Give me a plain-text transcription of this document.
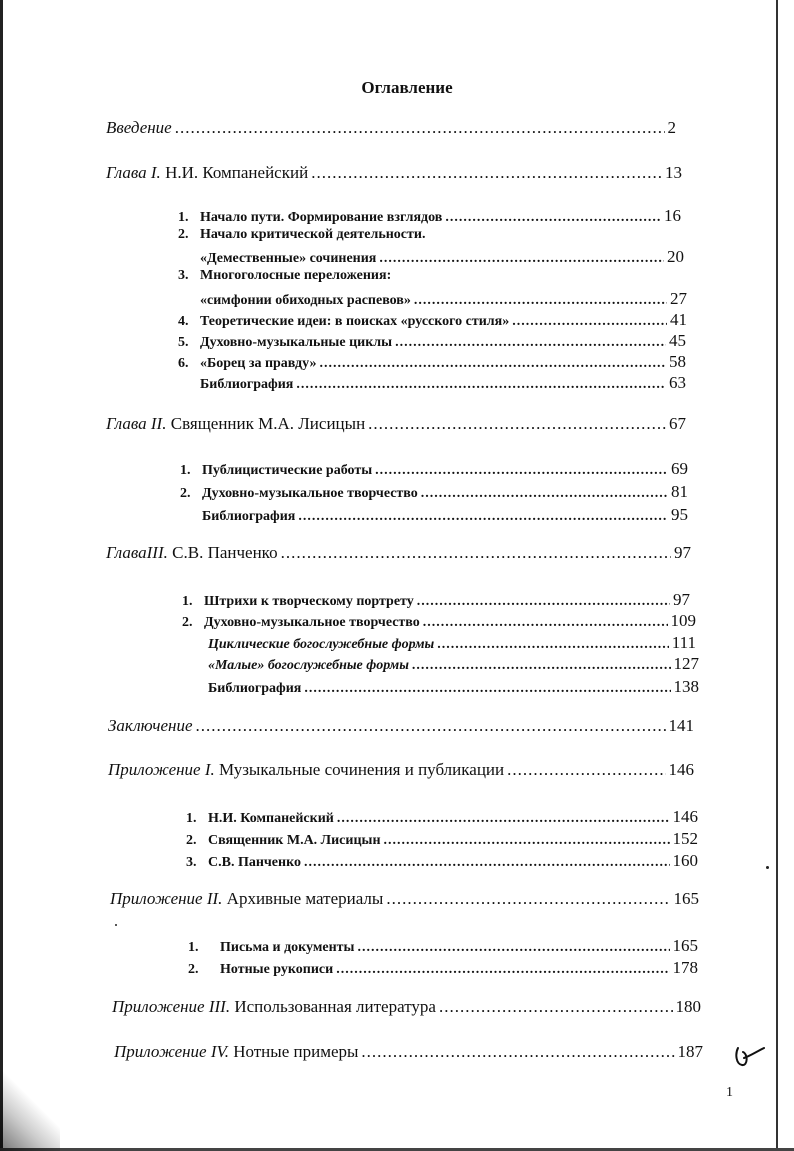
Оглавление
Введение .....	2
Глава I.
Н.И. Компанейский .....	13
1. Начало пути. Формирование взглядов .....	16
2. Начало критической деятельности.
«Демественные» сочинения .....	20
3. Многоголосные переложения:
«симфонии обиходных распевов» .....	27
4. Теоретические идеи: в поисках «русского стиля» .....	41
5. Духовно-музыкальные циклы .....	45
6. «Борец за правду» .....	58
Библиография .....	63
Глава II.
Священник М.А. Лисицын .....	67
1. Публицистические работы .....	69
2. Духовно-музыкальное творчество .....	81
Библиография .....	95
ГлаваIII.
С.В. Панченко .....	97
1. Штрихи к творческому портрету .....	97
2. Духовно-музыкальное творчество .....	109
Циклические богослужебные формы .....	111
«Малые» богослужебные формы .....	127
Библиография .....	138
Заключение .....	141
Приложение I.
Музыкальные сочинения и публикации .....	146
1. Н.И. Компанейский .....	146
2. Священник М.А. Лисицын .....	152
3. С.В. Панченко .....	160
Приложение II.
Архивные материалы .....	165
1.	Письма и документы .....	165
2.	Нотные рукописи .....	178
Приложение III.
Использованная литература .....	180
Приложение IV.
Нотные примеры .....	187
1
